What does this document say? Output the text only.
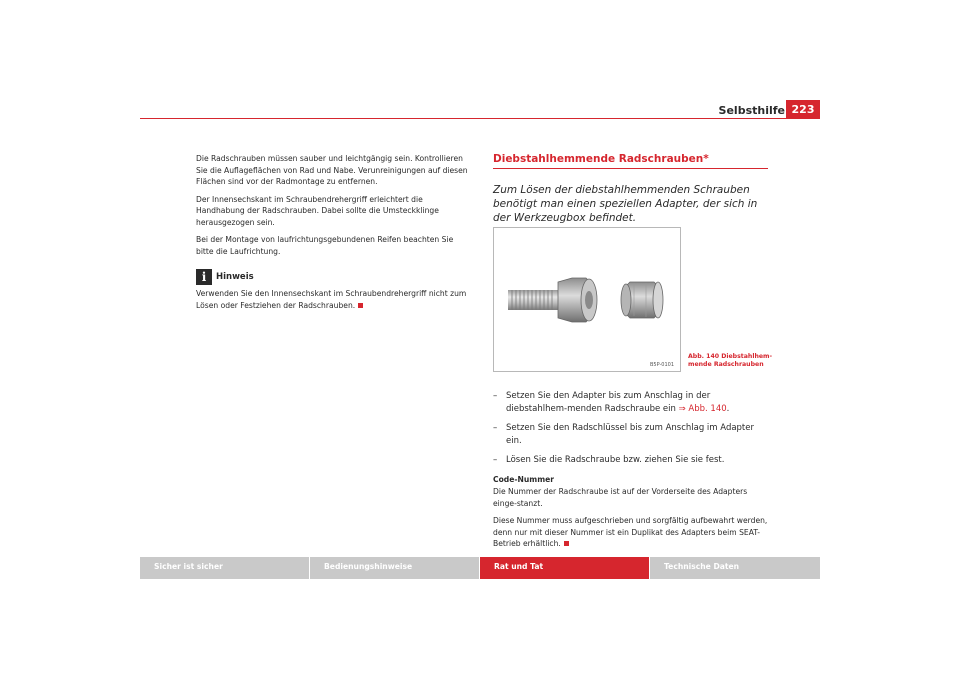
Selbsthilfe 223

Die Radschrauben müssen sauber und leichtgängig sein. Kontrollieren Sie die Auflageflächen von Rad und Nabe. Verunreinigungen auf diesen Flächen sind vor der Radmontage zu entfernen.

Der Innensechskant im Schraubendrehergriff erleichtert die Handhabung der Radschrauben. Dabei sollte die Umsteckklinge herausgezogen sein.

Bei der Montage von laufrichtungsgebundenen Reifen beachten Sie bitte die Laufrichtung.

i	Hinweis

Verwenden Sie den Innensechskant im Schraubendrehergriff nicht zum Lösen oder Festziehen der Radschrauben.

Diebstahlhemmende Radschrauben*

Zum Lösen der diebstahlhemmenden Schrauben benötigt man einen speziellen Adapter, der sich in der Werkzeugbox befindet.

B5P-0101
Abb. 140 Diebstahlhem-
mende Radschrauben
–	Setzen Sie den Adapter bis zum Anschlag in der diebstahlhem-menden Radschraube ein ⇒ Abb. 140.
–	Setzen Sie den Radschlüssel bis zum Anschlag im Adapter ein.
–	Lösen Sie die Radschraube bzw. ziehen Sie sie fest.
Code-Nummer

Die Nummer der Radschraube ist auf der Vorderseite des Adapters einge-stanzt.

Diese Nummer muss aufgeschrieben und sorgfältig aufbewahrt werden, denn nur mit dieser Nummer ist ein Duplikat des Adapters beim SEAT-Betrieb erhältlich.

Sicher ist sicher	Bedienungshinweise	Rat und Tat	Technische Daten
